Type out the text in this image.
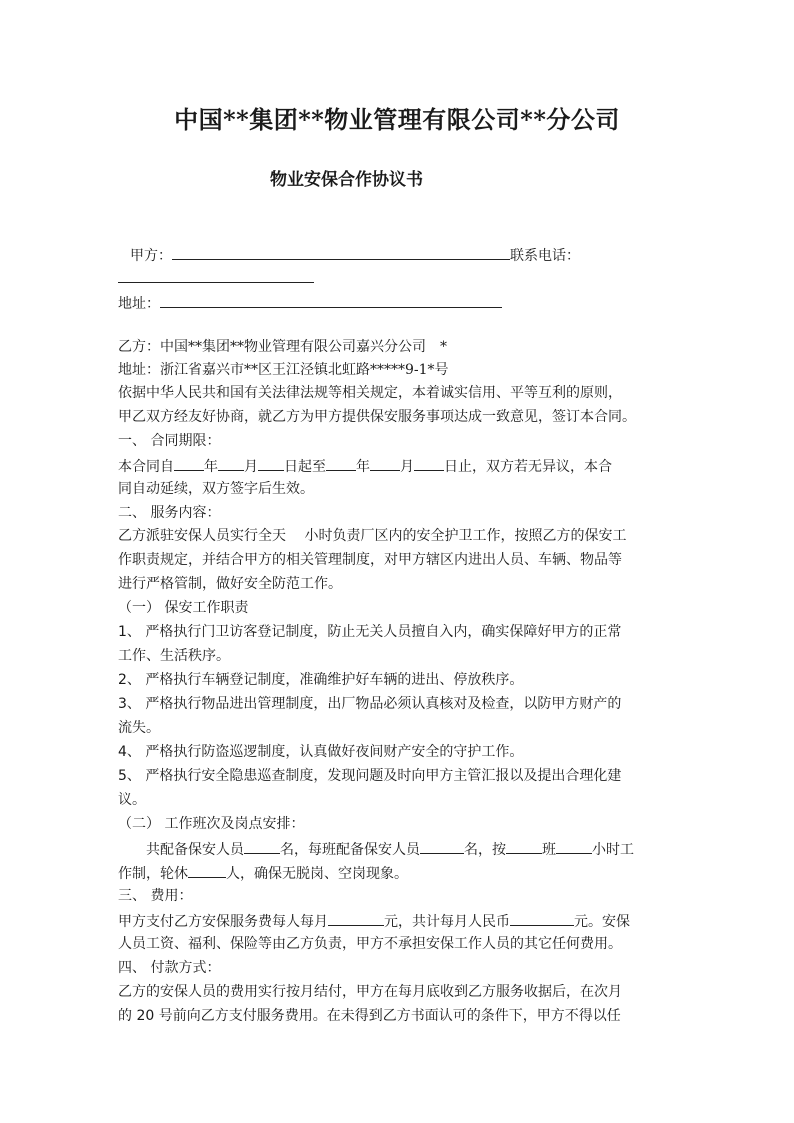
中国**集团**物业管理有限公司**分公司
物业安保合作协议书
甲方：	联系电话：
地址：
乙方：中国**集团**物业管理有限公司嘉兴分公司　*
地址：浙江省嘉兴市**区王江泾镇北虹路*****9-1*号
依据中华人民共和国有关法律法规等相关规定，本着诚实信用、平等互利的原则，
甲乙双方经友好协商，就乙方为甲方提供保安服务事项达成一致意见，签订本合同。
一、 合同期限：
本合同自 年 月 日起至 年 月 日止，双方若无异议，本合
同自动延续，双方签字后生效。
二、 服务内容：
乙方派驻安保人员实行全天　 小时负责厂区内的安全护卫工作，按照乙方的保安工
作职责规定，并结合甲方的相关管理制度，对甲方辖区内进出人员、车辆、物品等
进行严格管制，做好安全防范工作。
（一） 保安工作职责
1、 严格执行门卫访客登记制度，防止无关人员擅自入内，确实保障好甲方的正常
工作、生活秩序。
2、 严格执行车辆登记制度，准确维护好车辆的进出、停放秩序。
3、 严格执行物品进出管理制度，出厂物品必须认真核对及检查，以防甲方财产的
流失。
4、 严格执行防盗巡逻制度，认真做好夜间财产安全的守护工作。
5、 严格执行安全隐患巡查制度，发现问题及时向甲方主管汇报以及提出合理化建
议。
（二） 工作班次及岗点安排：
共配备保安人员	名，每班配备保安人员	名，按	班	小时工
作制，轮休	人，确保无脱岗、空岗现象。
三、 费用：
甲方支付乙方安保服务费每人每月	元，共计每月人民币	元。安保
人员工资、福利、保险等由乙方负责，甲方不承担安保工作人员的其它任何费用。
四、 付款方式：
乙方的安保人员的费用实行按月结付，甲方在每月底收到乙方服务收据后，在次月
的 20 号前向乙方支付服务费用。在未得到乙方书面认可的条件下，甲方不得以任
